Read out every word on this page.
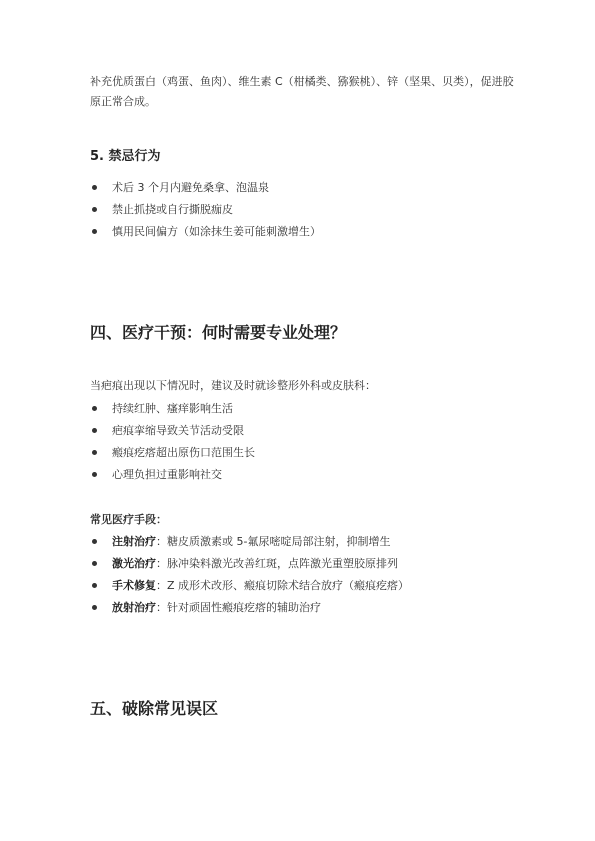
补充优质蛋白（鸡蛋、鱼肉）、维生素 C（柑橘类、猕猴桃）、锌（坚果、贝类），促进胶原正常合成。
5. 禁忌行为
术后 3 个月内避免桑拿、泡温泉
禁止抓挠或自行撕脱痂皮
慎用民间偏方（如涂抹生姜可能刺激增生）
四、医疗干预：何时需要专业处理？
当疤痕出现以下情况时，建议及时就诊整形外科或皮肤科：
持续红肿、瘙痒影响生活
疤痕挛缩导致关节活动受限
瘢痕疙瘩超出原伤口范围生长
心理负担过重影响社交
常见医疗手段：
注射治疗：糖皮质激素或 5-氟尿嘧啶局部注射，抑制增生
激光治疗：脉冲染料激光改善红斑，点阵激光重塑胶原排列
手术修复：Z 成形术改形、瘢痕切除术结合放疗（瘢痕疙瘩）
放射治疗：针对顽固性瘢痕疙瘩的辅助治疗
五、破除常见误区
